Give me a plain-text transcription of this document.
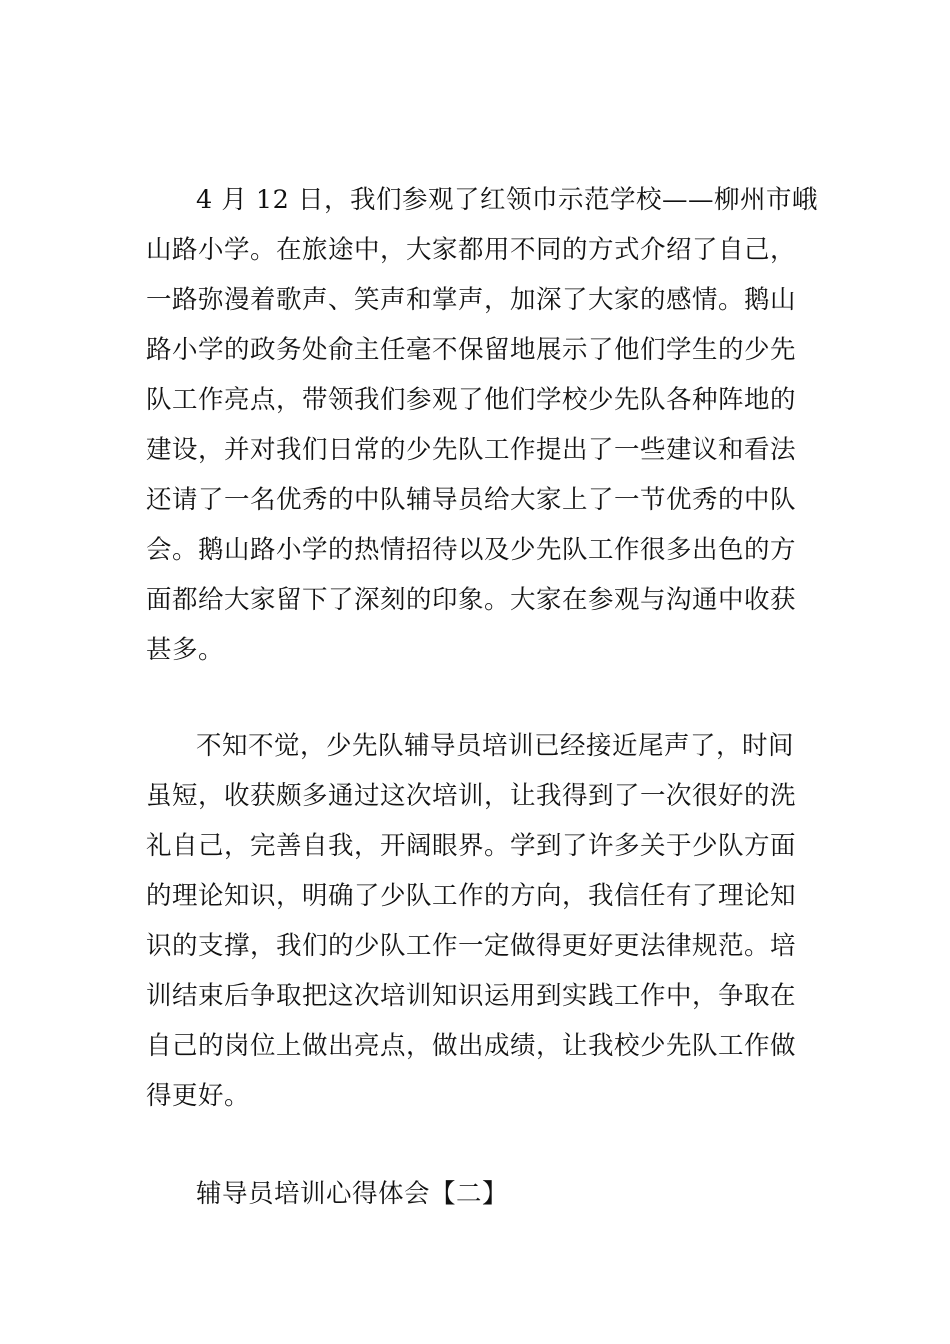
4 月 12 日，我们参观了红领巾示范学校——柳州市峨
山路小学。在旅途中，大家都用不同的方式介绍了自己，
一路弥漫着歌声、笑声和掌声，加深了大家的感情。鹅山
路小学的政务处俞主任毫不保留地展示了他们学生的少先
队工作亮点，带领我们参观了他们学校少先队各种阵地的
建设，并对我们日常的少先队工作提出了一些建议和看法
还请了一名优秀的中队辅导员给大家上了一节优秀的中队
会。鹅山路小学的热情招待以及少先队工作很多出色的方
面都给大家留下了深刻的印象。大家在参观与沟通中收获
甚多。
不知不觉，少先队辅导员培训已经接近尾声了，时间
虽短，收获颇多通过这次培训，让我得到了一次很好的洗
礼自己，完善自我，开阔眼界。学到了许多关于少队方面
的理论知识，明确了少队工作的方向，我信任有了理论知
识的支撑，我们的少队工作一定做得更好更法律规范。培
训结束后争取把这次培训知识运用到实践工作中，争取在
自己的岗位上做出亮点，做出成绩，让我校少先队工作做
得更好。
辅导员培训心得体会【二】
